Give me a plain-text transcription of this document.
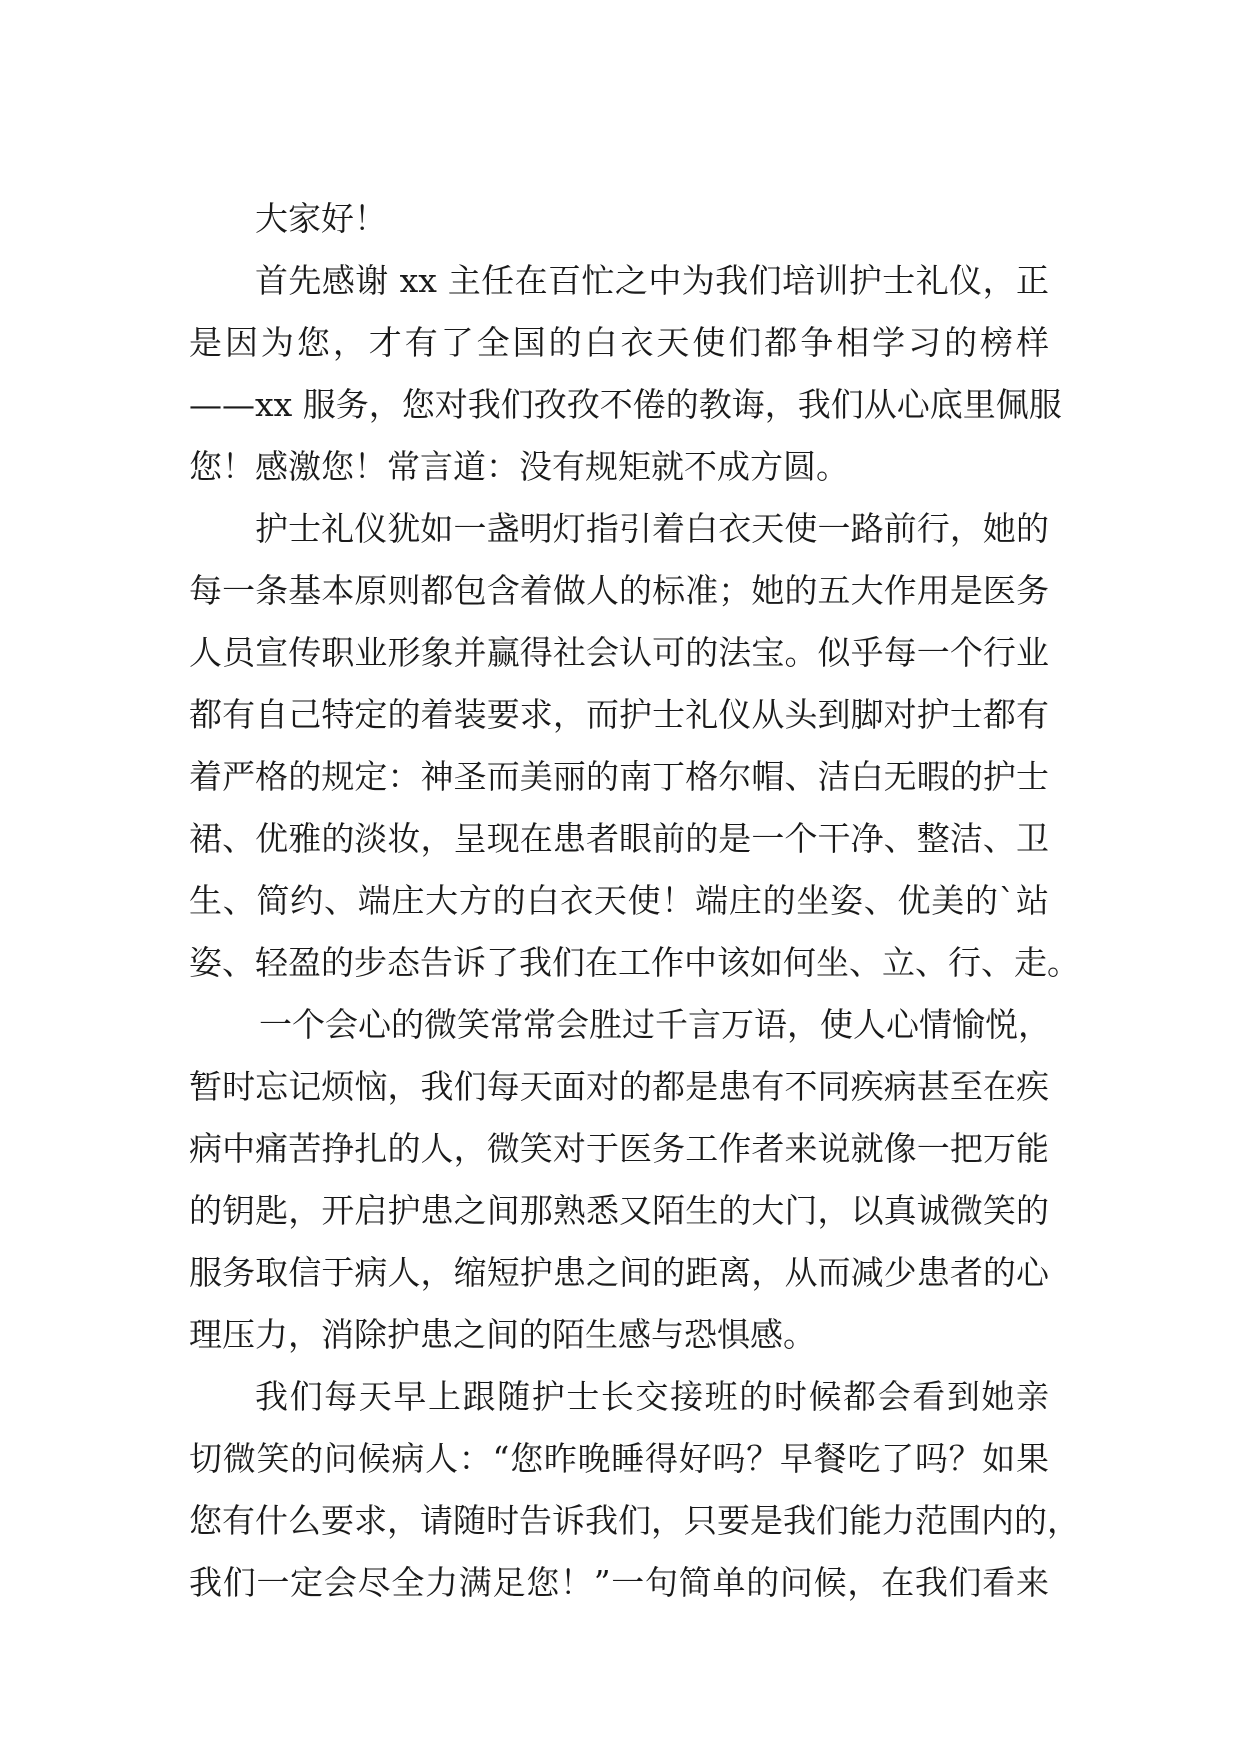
大家好！
首先感谢 xx 主任在百忙之中为我们培训护士礼仪，正
是因为您，才有了全国的白衣天使们都争相学习的榜样
——xx 服务，您对我们孜孜不倦的教诲，我们从心底里佩服
您！感激您！常言道：没有规矩就不成方圆。
护士礼仪犹如一盏明灯指引着白衣天使一路前行，她的
每一条基本原则都包含着做人的标准；她的五大作用是医务
人员宣传职业形象并赢得社会认可的法宝。似乎每一个行业
都有自己特定的着装要求，而护士礼仪从头到脚对护士都有
着严格的规定：神圣而美丽的南丁格尔帽、洁白无暇的护士
裙、优雅的淡妆，呈现在患者眼前的是一个干净、整洁、卫
生、简约、端庄大方的白衣天使！端庄的坐姿、优美的`站
姿、轻盈的步态告诉了我们在工作中该如何坐、立、行、走。
一个会心的微笑常常会胜过千言万语，使人心情愉悦，
暂时忘记烦恼，我们每天面对的都是患有不同疾病甚至在疾
病中痛苦挣扎的人，微笑对于医务工作者来说就像一把万能
的钥匙，开启护患之间那熟悉又陌生的大门，以真诚微笑的
服务取信于病人，缩短护患之间的距离，从而减少患者的心
理压力，消除护患之间的陌生感与恐惧感。
我们每天早上跟随护士长交接班的时候都会看到她亲
切微笑的问候病人：“您昨晚睡得好吗？早餐吃了吗？如果
您有什么要求，请随时告诉我们，只要是我们能力范围内的，
我们一定会尽全力满足您！”一句简单的问候，在我们看来
